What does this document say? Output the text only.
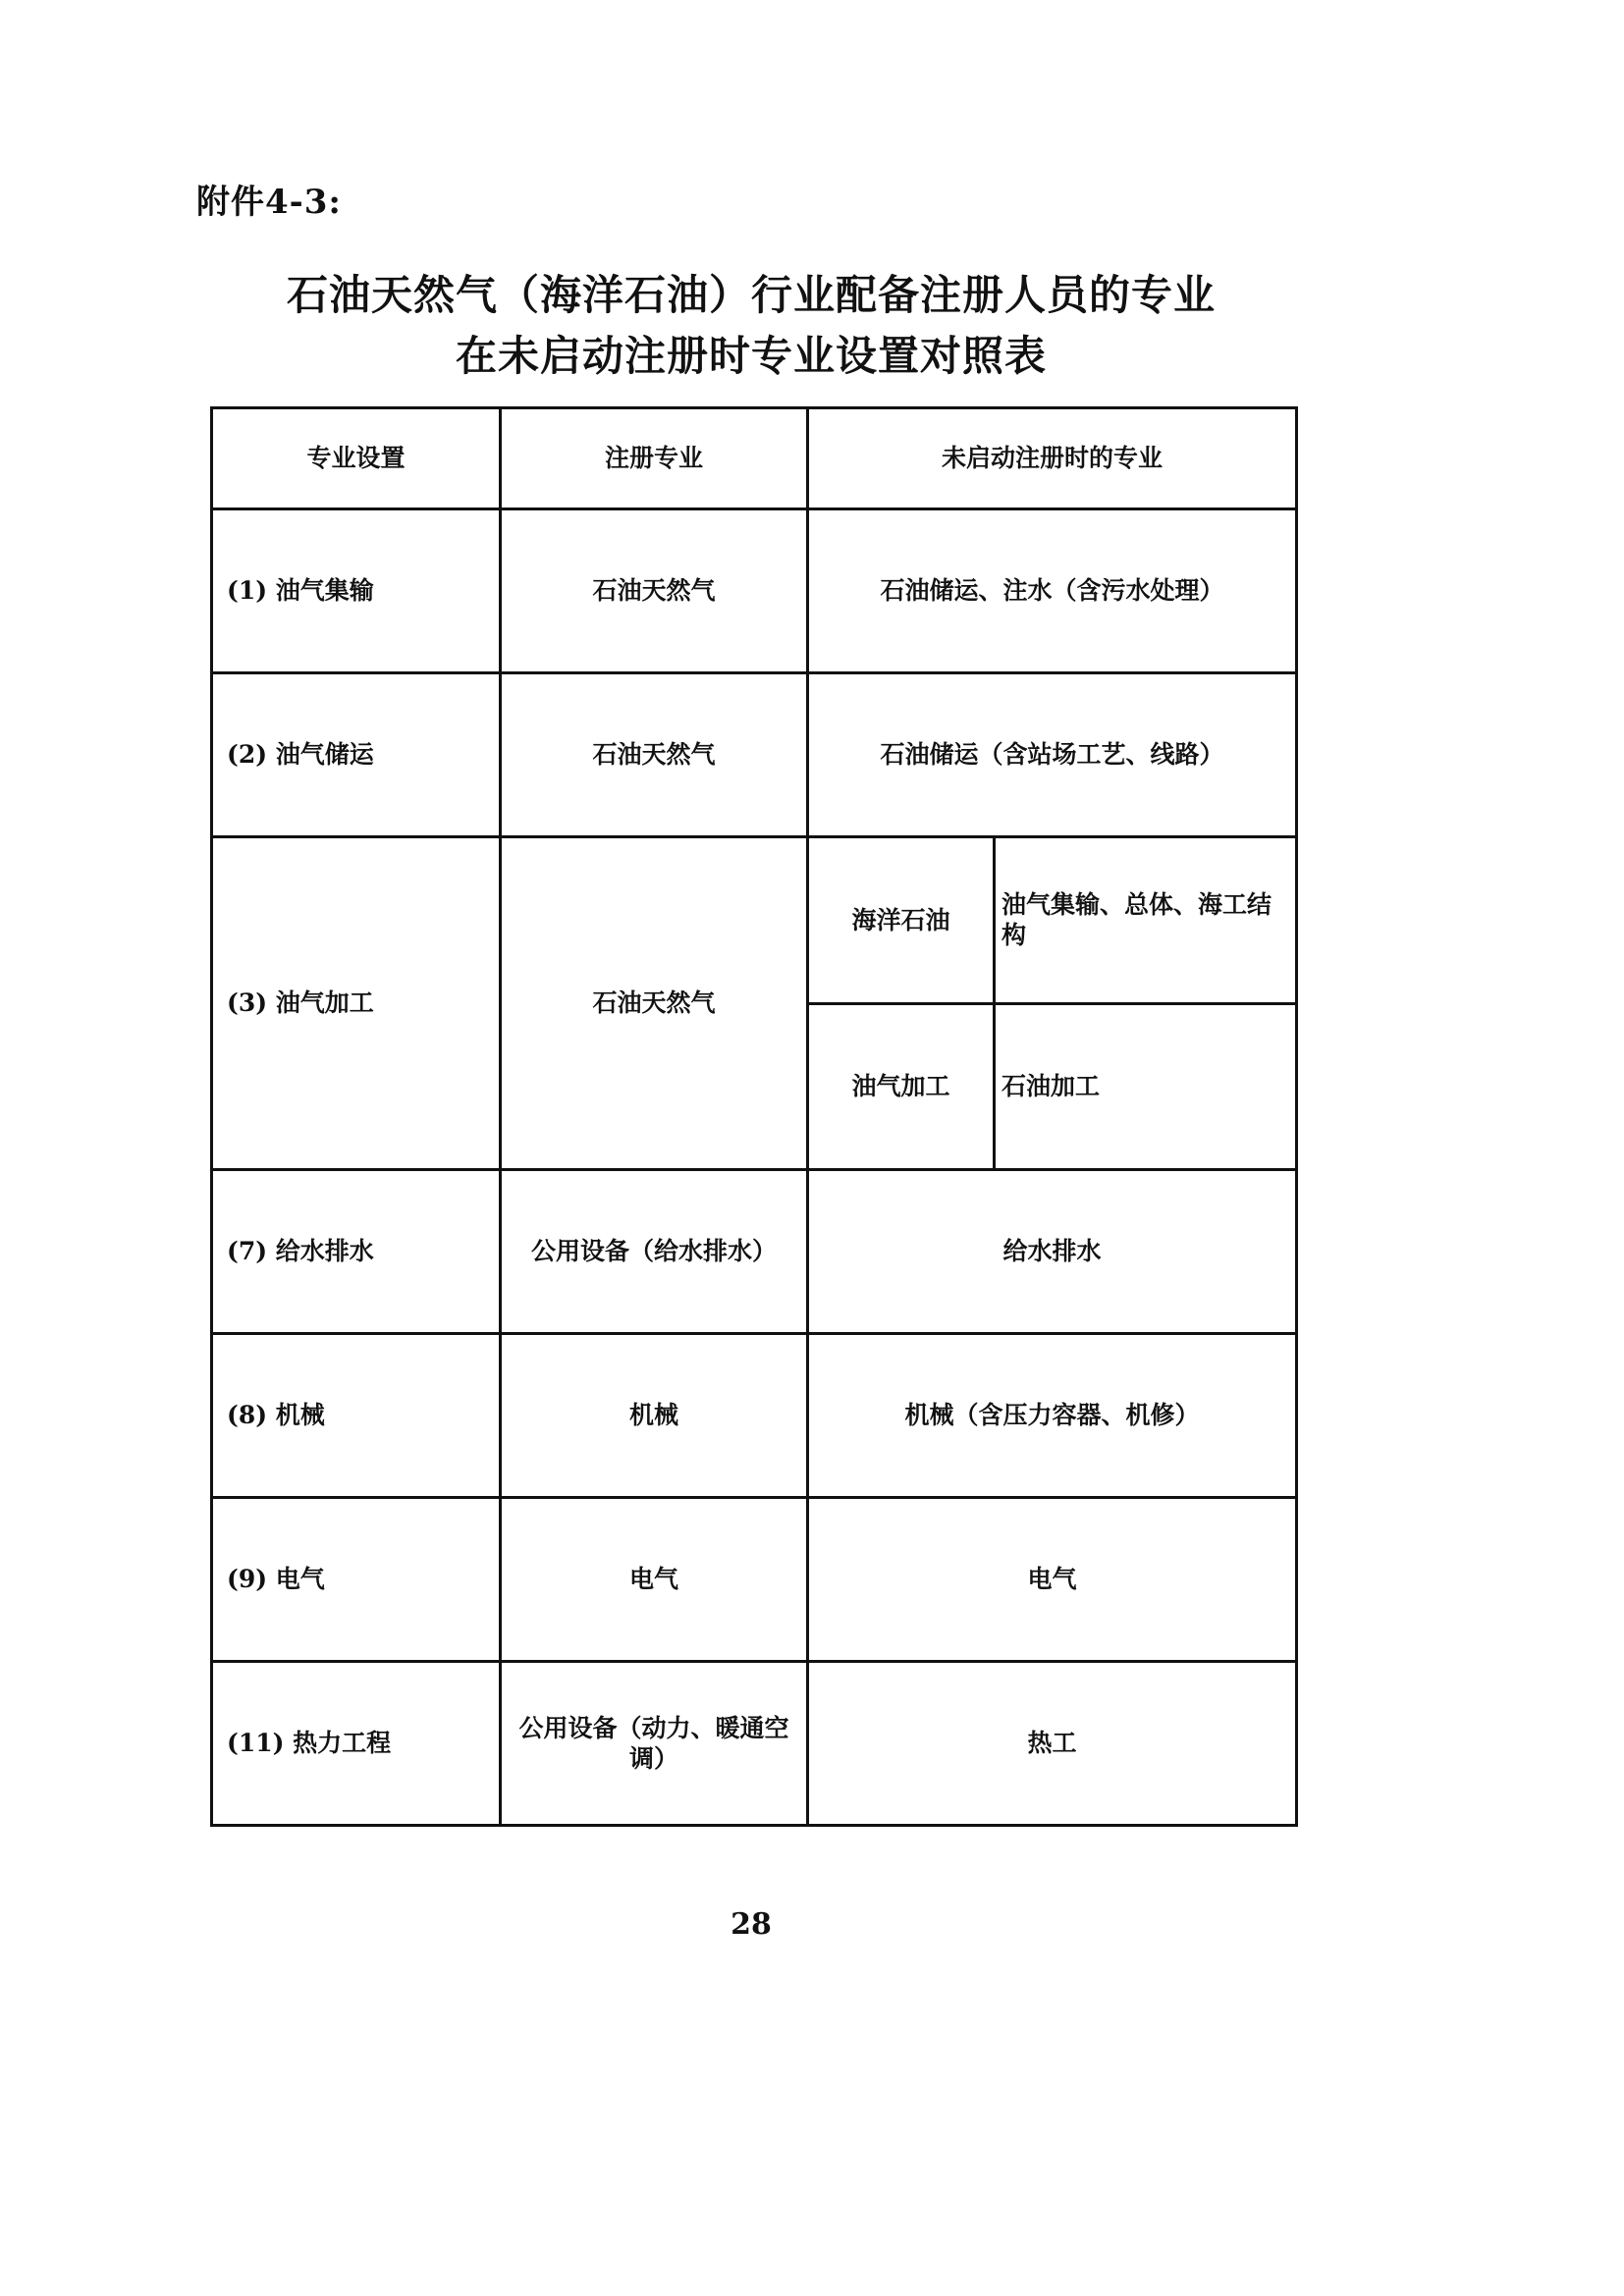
附件4-3:
石油天然气（海洋石油）行业配备注册人员的专业
在未启动注册时专业设置对照表
专业设置	注册专业	未启动注册时的专业	
(1) 油气集输	石油天然气	石油储运、注水（含污水处理）	
(2) 油气储运	石油天然气	石油储运（含站场工艺、线路）	
(3) 油气加工	石油天然气	海洋石油	油气集输、总体、海工结构
		油气加工	石油加工
(7) 给水排水	公用设备（给水排水）	给水排水	
(8) 机械	机械	机械（含压力容器、机修）	
(9) 电气	电气	电气	
(11) 热力工程	公用设备（动力、暖通空调）	热工	
28
